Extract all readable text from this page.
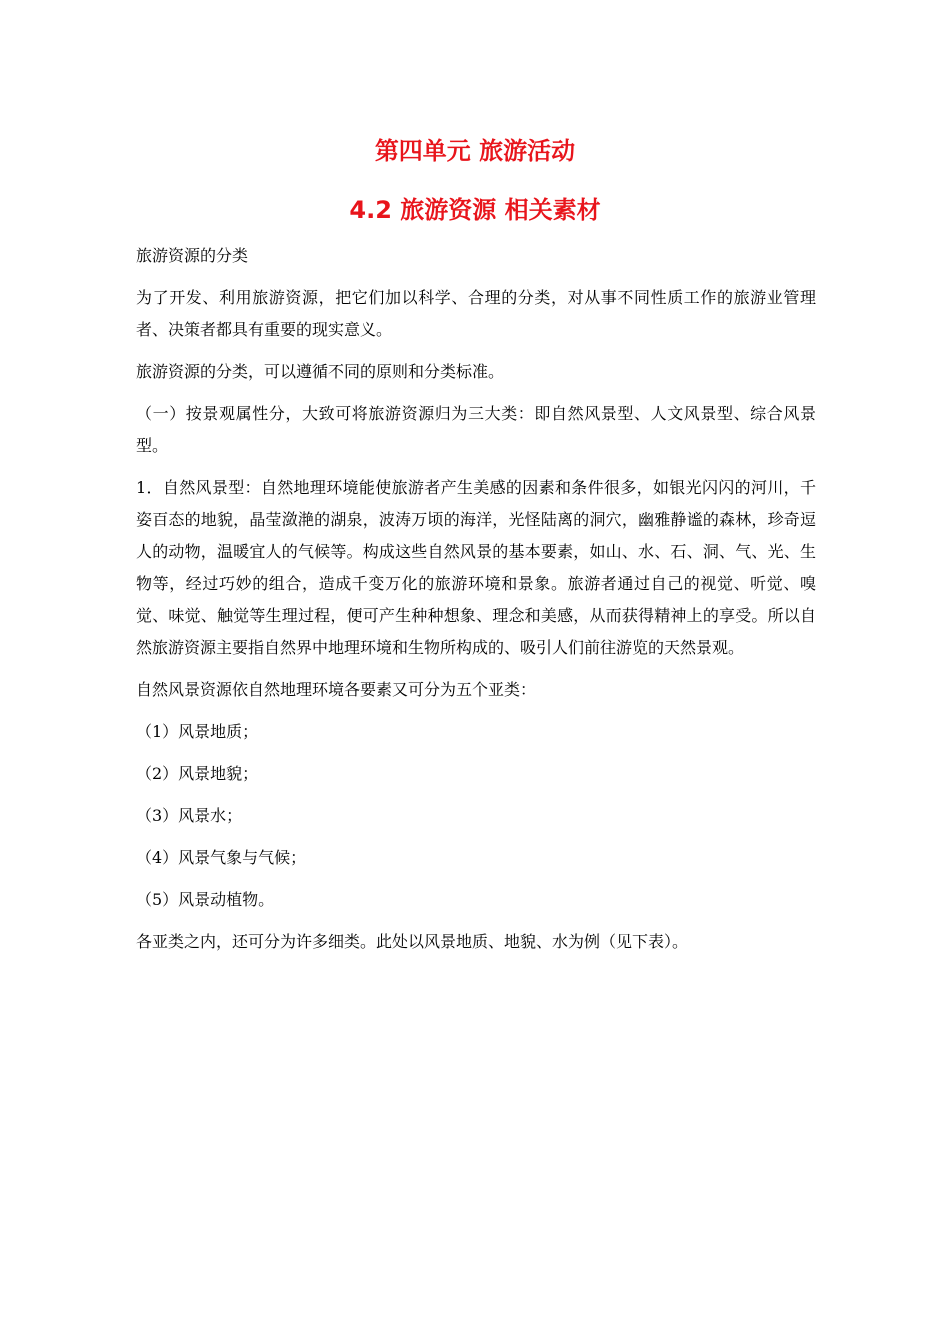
第四单元 旅游活动
4.2 旅游资源 相关素材

旅游资源的分类

为了开发、利用旅游资源，把它们加以科学、合理的分类，对从事不同性质工作的旅游业管理者、决策者都具有重要的现实意义。

旅游资源的分类，可以遵循不同的原则和分类标准。

（一）按景观属性分，大致可将旅游资源归为三大类：即自然风景型、人文风景型、综合风景型。

1．自然风景型：自然地理环境能使旅游者产生美感的因素和条件很多，如银光闪闪的河川，千姿百态的地貌，晶莹潋滟的湖泉，波涛万顷的海洋，光怪陆离的洞穴，幽雅静谧的森林，珍奇逗人的动物，温暖宜人的气候等。构成这些自然风景的基本要素，如山、水、石、洞、气、光、生物等，经过巧妙的组合，造成千变万化的旅游环境和景象。旅游者通过自己的视觉、听觉、嗅觉、味觉、触觉等生理过程，便可产生种种想象、理念和美感，从而获得精神上的享受。所以自然旅游资源主要指自然界中地理环境和生物所构成的、吸引人们前往游览的天然景观。

自然风景资源依自然地理环境各要素又可分为五个亚类：

（1）风景地质；

（2）风景地貌；

（3）风景水；

（4）风景气象与气候；

（5）风景动植物。

各亚类之内，还可分为许多细类。此处以风景地质、地貌、水为例（见下表）。
